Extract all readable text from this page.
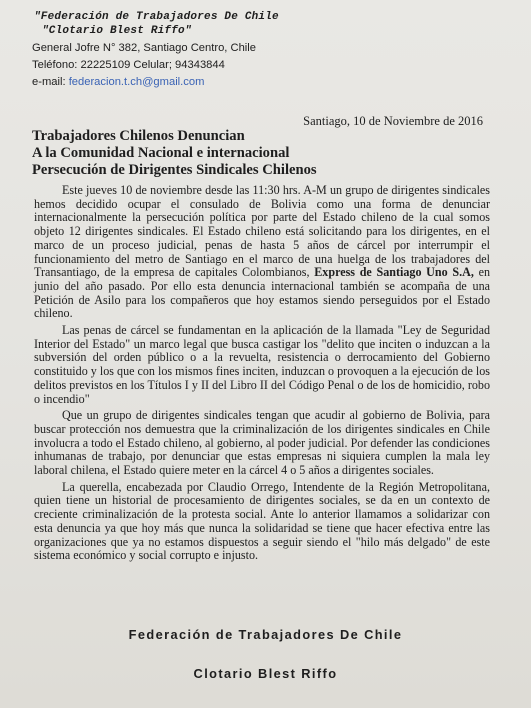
"Federación de Trabajadores De Chile
"Clotario Blest Riffo"
General Jofre N° 382, Santiago Centro, Chile
Teléfono: 22225109 Celular; 94343844
e-mail: federacion.t.ch@gmail.com
Santiago, 10 de Noviembre de 2016
Trabajadores Chilenos Denuncian
A la Comunidad Nacional e internacional
Persecución de Dirigentes Sindicales Chilenos

Este jueves 10 de noviembre desde las 11:30 hrs. A-M un grupo de dirigentes sindicales hemos decidido ocupar el consulado de Bolivia como una forma de denunciar internacionalmente la persecución política por parte del Estado chileno de la cual somos objeto 12 dirigentes sindicales. El Estado chileno está solicitando para los dirigentes, en el marco de un proceso judicial, penas de hasta 5 años de cárcel por interrumpir el funcionamiento del metro de Santiago en el marco de una huelga de los trabajadores del Transantiago, de la empresa de capitales Colombianos, Express de Santiago Uno S.A, en junio del año pasado. Por ello esta denuncia internacional también se acompaña de una Petición de Asilo para los compañeros que hoy estamos siendo perseguidos por el Estado chileno.

Las penas de cárcel se fundamentan en la aplicación de la llamada "Ley de Seguridad Interior del Estado" un marco legal que busca castigar los "delito que inciten o induzcan a la subversión del orden público o a la revuelta, resistencia o derrocamiento del Gobierno constituido y los que con los mismos fines inciten, induzcan o provoquen a la ejecución de los delitos previstos en los Títulos I y II del Libro II del Código Penal o de los de homicidio, robo o incendio"

Que un grupo de dirigentes sindicales tengan que acudir al gobierno de Bolivia, para buscar protección nos demuestra que la criminalización de los dirigentes sindicales en Chile involucra a todo el Estado chileno, al gobierno, al poder judicial. Por defender las condiciones inhumanas de trabajo, por denunciar que estas empresas ni siquiera cumplen la mala ley laboral chilena, el Estado quiere meter en la cárcel 4 o 5 años a dirigentes sociales.

La querella, encabezada por Claudio Orrego, Intendente de la Región Metropolitana, quien tiene un historial de procesamiento de dirigentes sociales, se da en un contexto de creciente criminalización de la protesta social. Ante lo anterior llamamos a solidarizar con esta denuncia ya que hoy más que nunca la solidaridad se tiene que hacer efectiva entre las organizaciones que ya no estamos dispuestos a seguir siendo el "hilo más delgado" de este sistema económico y social corrupto e injusto.

Federación de Trabajadores De Chile
Clotario Blest Riffo
